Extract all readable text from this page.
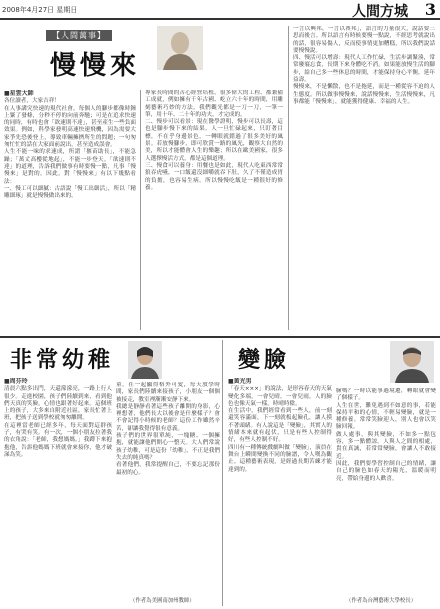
2008年4月27日 星期日	人間方城 3
【人間萬事】
慢慢來
■星雲大師
各位讀者，大家吉祥！
在人事講究快速的現代社會，每個人的腳步都像時鐘上緊了發條，分秒不停的向前奔馳；可是在追求快速的同時，有時也會「欲速則不達」，甚至產生一些負面效果。例如，科學家發明高速快速飛機，因為需要大家爭先恐後登上，導致車輛擁擠所生的問題；一句匆匆忙忙的話在大家面前說出，甚至造成誤會。
人生不能一味的求速成，所謂「揠苗助長」，不能急躁；「萬丈高樓從地起」，不能一步登天。「欲速則不達」的道理，告訴我們做事有時要慢一點，凡事「慢慢來」是對的。因此，對「慢慢來」有以下幾點看法：
一、慢工可以細膩：古語說「慢工出細活」，所以「精雕細琢」就是慢慢做出來的。
專家長時間的苦心經營培植，很多偉大的工程、都兼備工成就，例如擁有千年古國、屹立六十年的時間，用雕刻藝術巧妙的方法。我們觀光都是一刀一刀，一筆一筆，用十年、二十年的功夫，才完成的。
二、慢步可以看景：現在醫學證明，慢步可以長壽，這也是腳步慢下來的結果。人一旦忙碌起來，只盯著目標，不在乎身邊景色，一轉眼就錯過了很多美好的風景。若放慢腳步，即可欣賞一路的風光，觀察大自然的美，所以才能體會人生的樂趣；所以在歐美國家，很多人選擇慢活方式，都是這個道理。
三、慢食可以養身：用餐也是如此，現代人吃東西常常狼吞虎嚥，一口飯還沒細嚼就吞下肚，久了不僅造成胃的負擔，也容易生病。所以慢慢吃飯是一種很好的修養。
一言以興邦，一言以喪邦」，語言的力量很大，說話要三思而後言。所以語言有時候要慢一點說，不經思考就說出的話，很容易傷人，反而使事情更加糟糕，所以我們說話要慢慢說。
四、慢活可以增壽：現代人工作忙碌，生活步調緊湊，常常廢寢忘食，長期下來身體吃不消。如果能放慢生活的腳步，給自己多一些休息的時間，才能保持身心平衡，延年益壽。
慢慢來，不是懶散，也不是拖延，而是一種從容不迫的人生態度。所以做事慢慢來，說話慢慢來，生活慢慢來，凡事都能「慢慢來」，就能獲得健康、幸福的人生。
非常幼稚
■周芬玲
清晨六點多出門，天還濛濛亮，一路上行人很少。走進校園，孩子們陸續到來，看到他們天真的笑臉，心情也跟著好起來。這個班上的孩子，大多來自附近社區，家長忙著上班，把孩子送到學校就匆匆離開。
在這裡當老師已經多年，每天面對這群孩子，有哭有笑。有一次，一個小朋友拉著我的衣角說：「老師，我想媽媽。」我蹲下來抱抱他，告訴他媽媽下班就會來接你，他才破涕為笑。
童，在一起顯得格外可愛，每天放學時間，家長們陸續來接孩子，小朋友一個個被接走，教室裡漸漸安靜下來。
我總是靜靜看著這些孩子離開的身影，心裡想著，他們長大以後會是什麼樣子？會不會記得小時候的老師？這份工作雖然辛苦，卻讓我覺得很有意義。
孩子們的世界很單純，一塊糖、一個擁抱，就能讓他們開心一整天。大人們常說孩子幼稚，可是這份「幼稚」，不正是我們失去的純真嗎？
看著他們，我常提醒自己，不要忘記那份最初的心。
（作者為美國南加州教師）
變臉
■黃光男
「春天×××」的說法，是形容春天的天氣變化多端，一會兒晴，一會兒雨。人的臉色也像天氣一樣，時晴時陰。
在生活中，我們經常看到一些人，前一刻還笑容滿面，下一刻就板起臉孔，讓人摸不著頭緒。有人說這是「變臉」，其實人的情緒本來就有起伏，只是有些人控制得好，有些人控制不好。
四川有一種傳統戲劇叫做「變臉」，演員在舞台上瞬間變換不同的臉譜，令人嘆為觀止。這種藝術表現，是經過長期苦練才能達到的。
臉嗎？一時以能事過境遷，轉眼就會變了個樣子。
人生在世，難免遇到不如意的事，若能保持平和的心情，不輕易變臉，就是一種修養。常常笑臉迎人，別人也會以笑臉回報。
做人處事，與其變臉，不如多一點包容，多一點體諒。人與人之間的相處，貴在真誠，若常常變臉，會讓人不敢接近。
因此，我們要學習控制自己的情緒，讓自己的臉色如春天的陽光，溫暖而明亮，帶給身邊的人歡喜。
（作者為台灣藝術大學校長）
